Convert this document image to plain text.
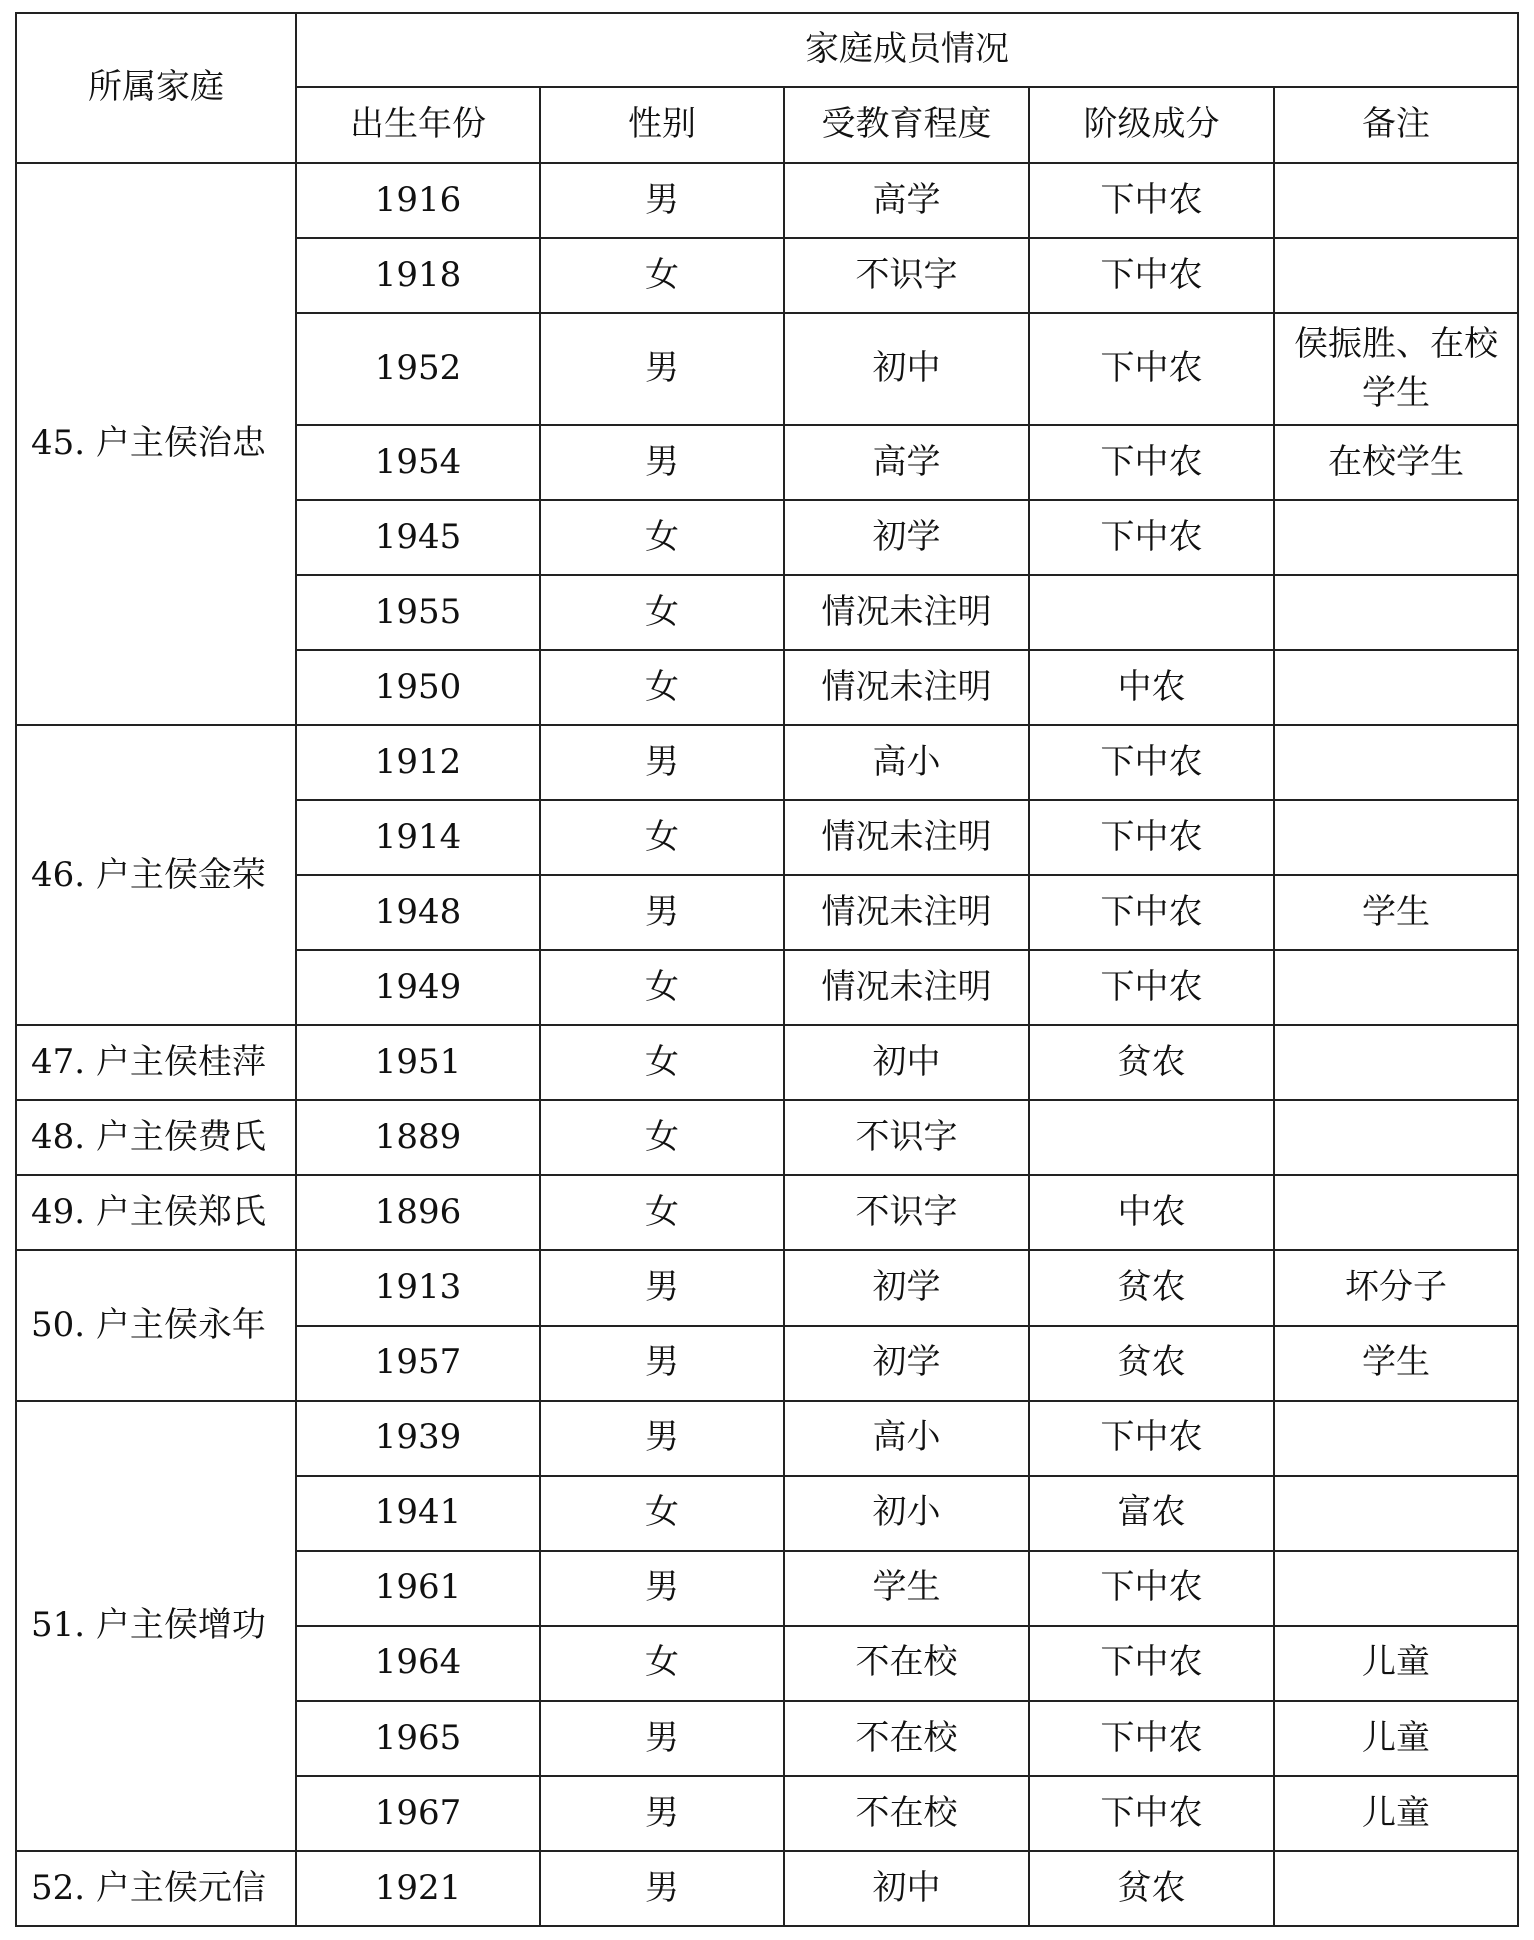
所属家庭	家庭成员情况				
	出生年份	性别	受教育程度	阶级成分	备注
45. 户主侯治忠	1916	男	高学	下中农	
	1918	女	不识字	下中农	
	1952	男	初中	下中农	侯振胜、在校学生
	1954	男	高学	下中农	在校学生
	1945	女	初学	下中农	
	1955	女	情况未注明		
	1950	女	情况未注明	中农	
46. 户主侯金荣	1912	男	高小	下中农	
	1914	女	情况未注明	下中农	
	1948	男	情况未注明	下中农	学生
	1949	女	情况未注明	下中农	
47. 户主侯桂萍	1951	女	初中	贫农	
48. 户主侯费氏	1889	女	不识字		
49. 户主侯郑氏	1896	女	不识字	中农	
50. 户主侯永年	1913	男	初学	贫农	坏分子
	1957	男	初学	贫农	学生
51. 户主侯增功	1939	男	高小	下中农	
	1941	女	初小	富农	
	1961	男	学生	下中农	
	1964	女	不在校	下中农	儿童
	1965	男	不在校	下中农	儿童
	1967	男	不在校	下中农	儿童
52. 户主侯元信	1921	男	初中	贫农	
